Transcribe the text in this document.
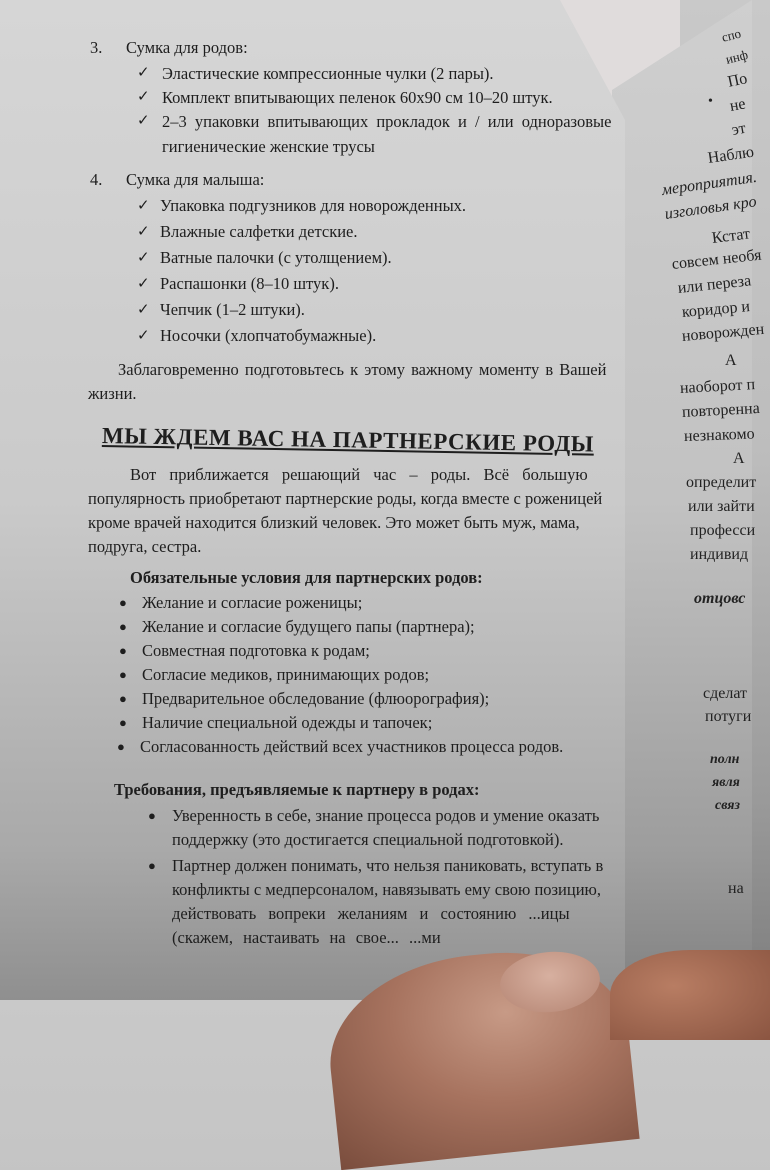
спо
инф
По
• не
эт
Наблю
мероприятия.
изголовья кро
Кстат
совсем необя
или переза
коридор и
новорожден
А
наоборот п
повторенна
незнакомо
А
определит
или зайти
професси
индивид
отцовс
сделат
потуги
полн
явля
связ
на
3. Сумка для родов:
✓ Эластические компрессионные чулки (2 пары).
✓ Комплект впитывающих пеленок 60х90 см 10–20 штук.
✓ 2–3 упаковки впитывающих прокладок и / или одноразовые
гигиенические женские трусы
4. Сумка для малыша:
✓ Упаковка подгузников для новорожденных.
✓ Влажные салфетки детские.
✓ Ватные палочки (с утолщением).
✓ Распашонки (8–10 штук).
✓ Чепчик (1–2 штуки).
✓ Носочки (хлопчатобумажные).
Заблаговременно подготовьтесь к этому важному моменту в Вашей
жизни.
МЫ ЖДЕМ ВАС НА ПАРТНЕРСКИЕ РОДЫ
Вот приближается решающий час – роды. Всё большую
популярность приобретают партнерские роды, когда вместе с роженицей
кроме врачей находится близкий человек. Это может быть муж, мама,
подруга, сестра.
Обязательные условия для партнерских родов:
● Желание и согласие роженицы;
● Желание и согласие будущего папы (партнера);
● Совместная подготовка к родам;
● Согласие медиков, принимающих родов;
● Предварительное обследование (флюорография);
● Наличие специальной одежды и тапочек;
● Согласованность действий всех участников процесса родов.
Требования, предъявляемые к партнеру в родах:
● Уверенность в себе, знание процесса родов и умение оказать
поддержку (это достигается специальной подготовкой).
● Партнер должен понимать, что нельзя паниковать, вступать в
конфликты с медперсоналом, навязывать ему свою позицию,
действовать вопреки желаниям и состоянию ...ицы
(скажем, настаивать на свое... ...ми
